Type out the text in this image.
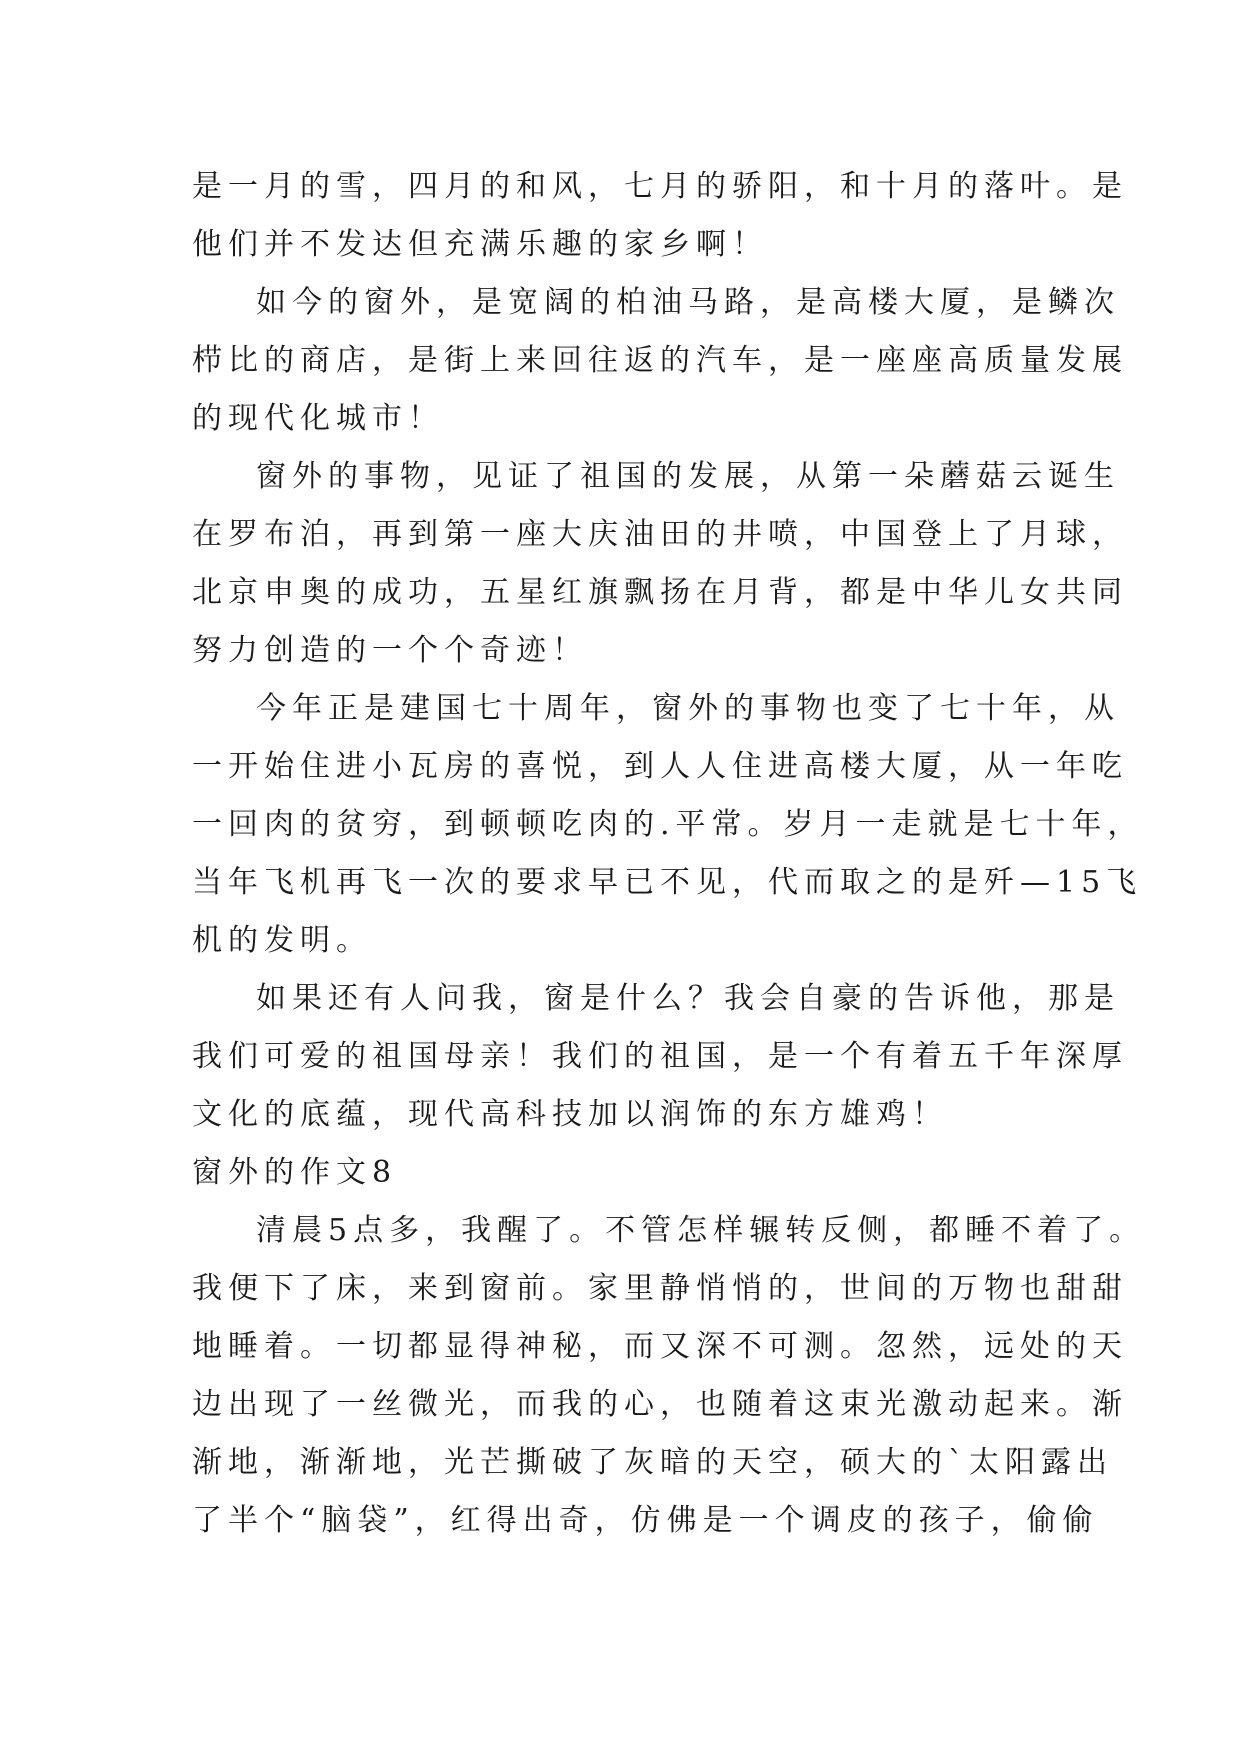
是一月的雪，四月的和风，七月的骄阳，和十月的落叶。是
他们并不发达但充满乐趣的家乡啊！
如今的窗外，是宽阔的柏油马路，是高楼大厦，是鳞次
栉比的商店，是街上来回往返的汽车，是一座座高质量发展
的现代化城市！
窗外的事物，见证了祖国的发展，从第一朵蘑菇云诞生
在罗布泊，再到第一座大庆油田的井喷，中国登上了月球，
北京申奥的成功，五星红旗飘扬在月背，都是中华儿女共同
努力创造的一个个奇迹！
今年正是建国七十周年，窗外的事物也变了七十年，从
一开始住进小瓦房的喜悦，到人人住进高楼大厦，从一年吃
一回肉的贫穷，到顿顿吃肉的.平常。岁月一走就是七十年，
当年飞机再飞一次的要求早已不见，代而取之的是歼—15飞
机的发明。
如果还有人问我，窗是什么？我会自豪的告诉他，那是
我们可爱的祖国母亲！我们的祖国，是一个有着五千年深厚
文化的底蕴，现代高科技加以润饰的东方雄鸡！
窗外的作文8
清晨5点多，我醒了。不管怎样辗转反侧，都睡不着了。
我便下了床，来到窗前。家里静悄悄的，世间的万物也甜甜
地睡着。一切都显得神秘，而又深不可测。忽然，远处的天
边出现了一丝微光，而我的心，也随着这束光激动起来。渐
渐地，渐渐地，光芒撕破了灰暗的天空，硕大的`太阳露出
了半个“脑袋”，红得出奇，仿佛是一个调皮的孩子，偷偷
